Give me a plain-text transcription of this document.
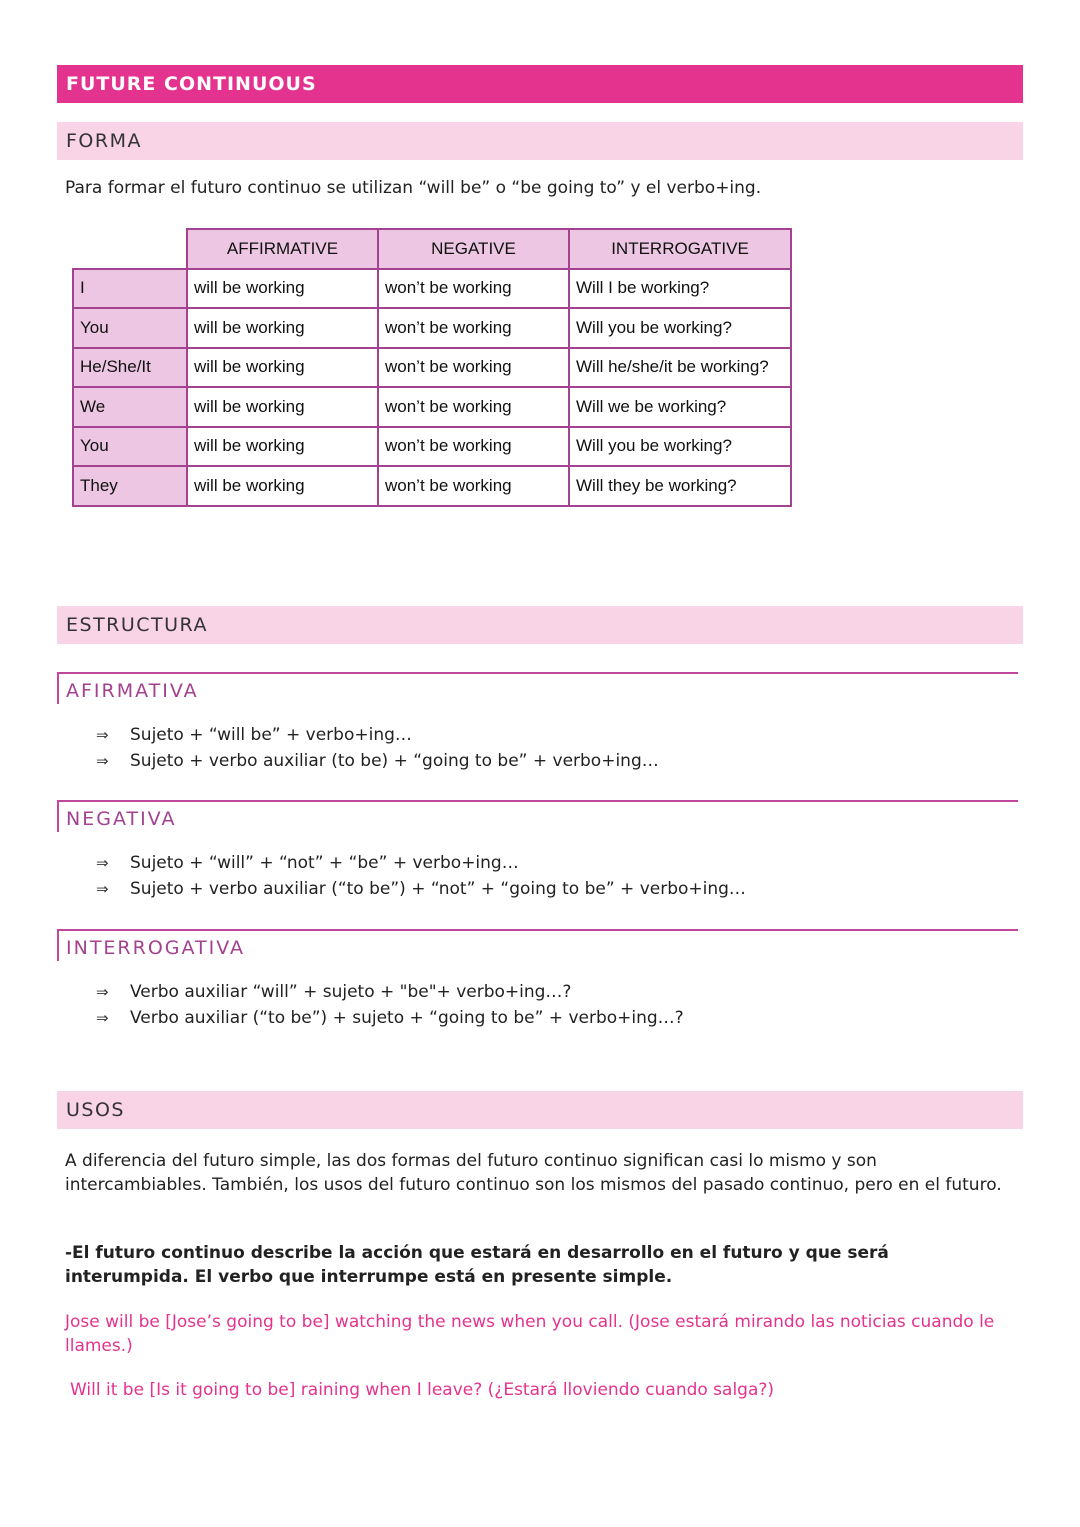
FUTURE CONTINUOUS
FORMA
Para formar el futuro continuo se utilizan “will be” o “be going to” y el verbo+ing.
	AFFIRMATIVE	NEGATIVE	INTERROGATIVE
I	will be working	won’t be working	Will I be working?
You	will be working	won’t be working	Will you be working?
He/She/It	will be working	won’t be working	Will he/she/it be working?
We	will be working	won’t be working	Will we be working?
You	will be working	won’t be working	Will you be working?
They	will be working	won’t be working	Will they be working?
ESTRUCTURA
AFIRMATIVA
⇒	Sujeto + “will be” + verbo+ing…
⇒	Sujeto + verbo auxiliar (to be) + “going to be” + verbo+ing…
NEGATIVA
⇒	Sujeto + “will” + “not” + “be” + verbo+ing…
⇒	Sujeto + verbo auxiliar (“to be”) + “not” + “going to be” + verbo+ing…
INTERROGATIVA
⇒	Verbo auxiliar “will” + sujeto + "be"+ verbo+ing…?
⇒	Verbo auxiliar (“to be”) + sujeto + “going to be” + verbo+ing…?
USOS
A diferencia del futuro simple, las dos formas del futuro continuo significan casi lo mismo y son intercambiables. También, los usos del futuro continuo son los mismos del pasado continuo, pero en el futuro.
-El futuro continuo describe la acción que estará en desarrollo en el futuro y que será interumpida. El verbo que interrumpe está en presente simple.
Jose will be [Jose’s going to be] watching the news when you call. (Jose estará mirando las noticias cuando le llames.)
Will it be [Is it going to be] raining when I leave? (¿Estará lloviendo cuando salga?)
